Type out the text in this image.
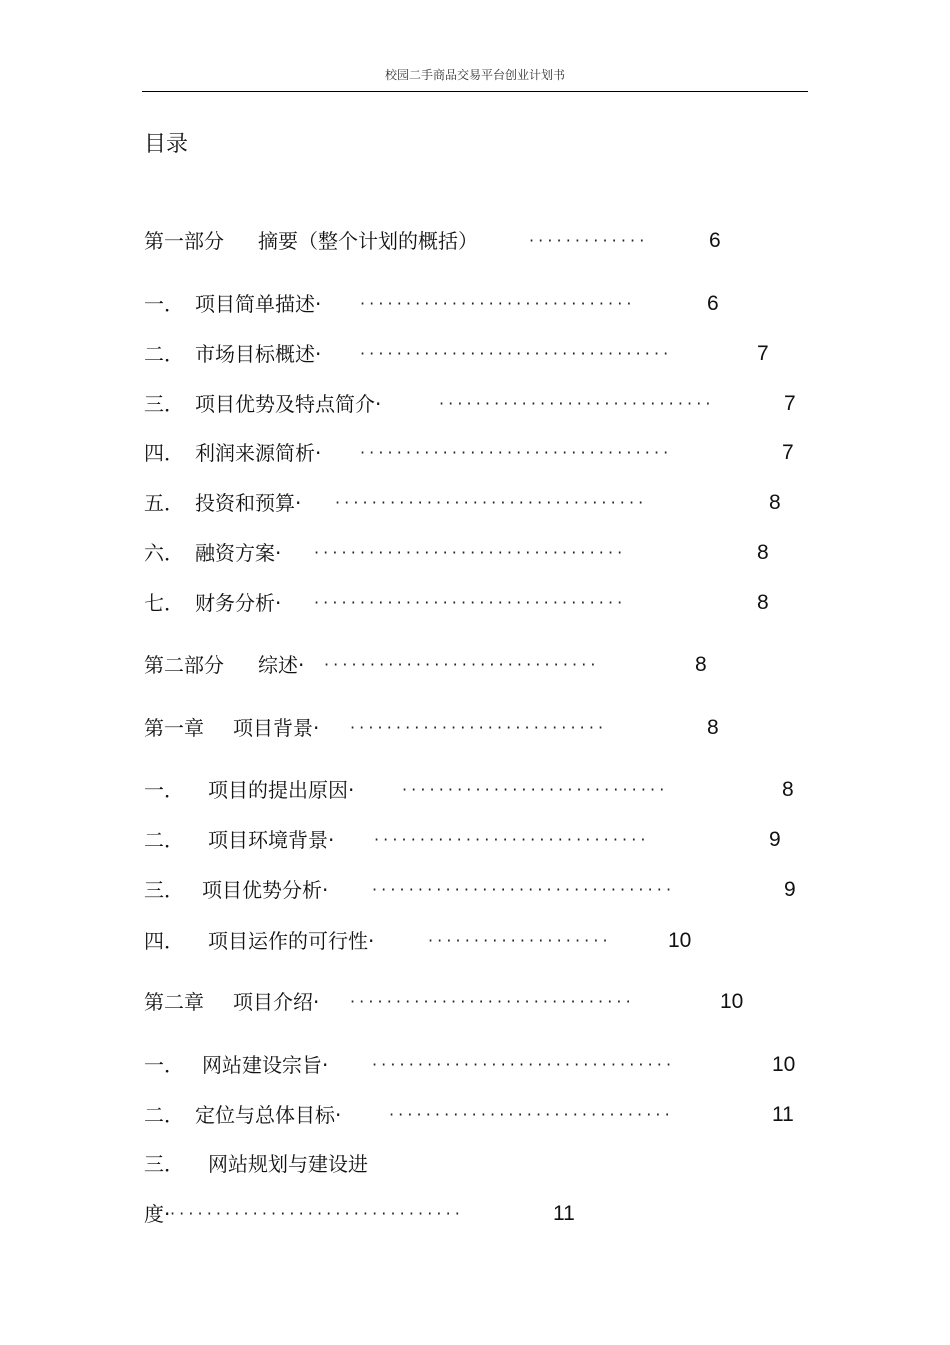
校园二手商品交易平台创业计划书
目录
第一部分 摘要（整个计划的概括）	·············	6
一． 项目简单描述· ······························	6
二． 市场目标概述· ··································	7
三． 项目优势及特点简介·	······························	7
四． 利润来源简析· ··································	7
五． 投资和预算· ··································	8
六． 融资方案· ··································	8
七． 财务分析· ··································	8
第二部分 综述· ······························	8
第一章 项目背景· ····························	8
一． 项目的提出原因·	·····························	8
二． 项目环境背景· ······························	9
三． 项目优势分析·	·································	9
四． 项目运作的可行性·	····················	10
第二章 项目介绍· ·······························	10
一． 网站建设宗旨·	·································	10
二． 定位与总体目标·	·······························	11
三． 网站规划与建设进
度· ································	11
